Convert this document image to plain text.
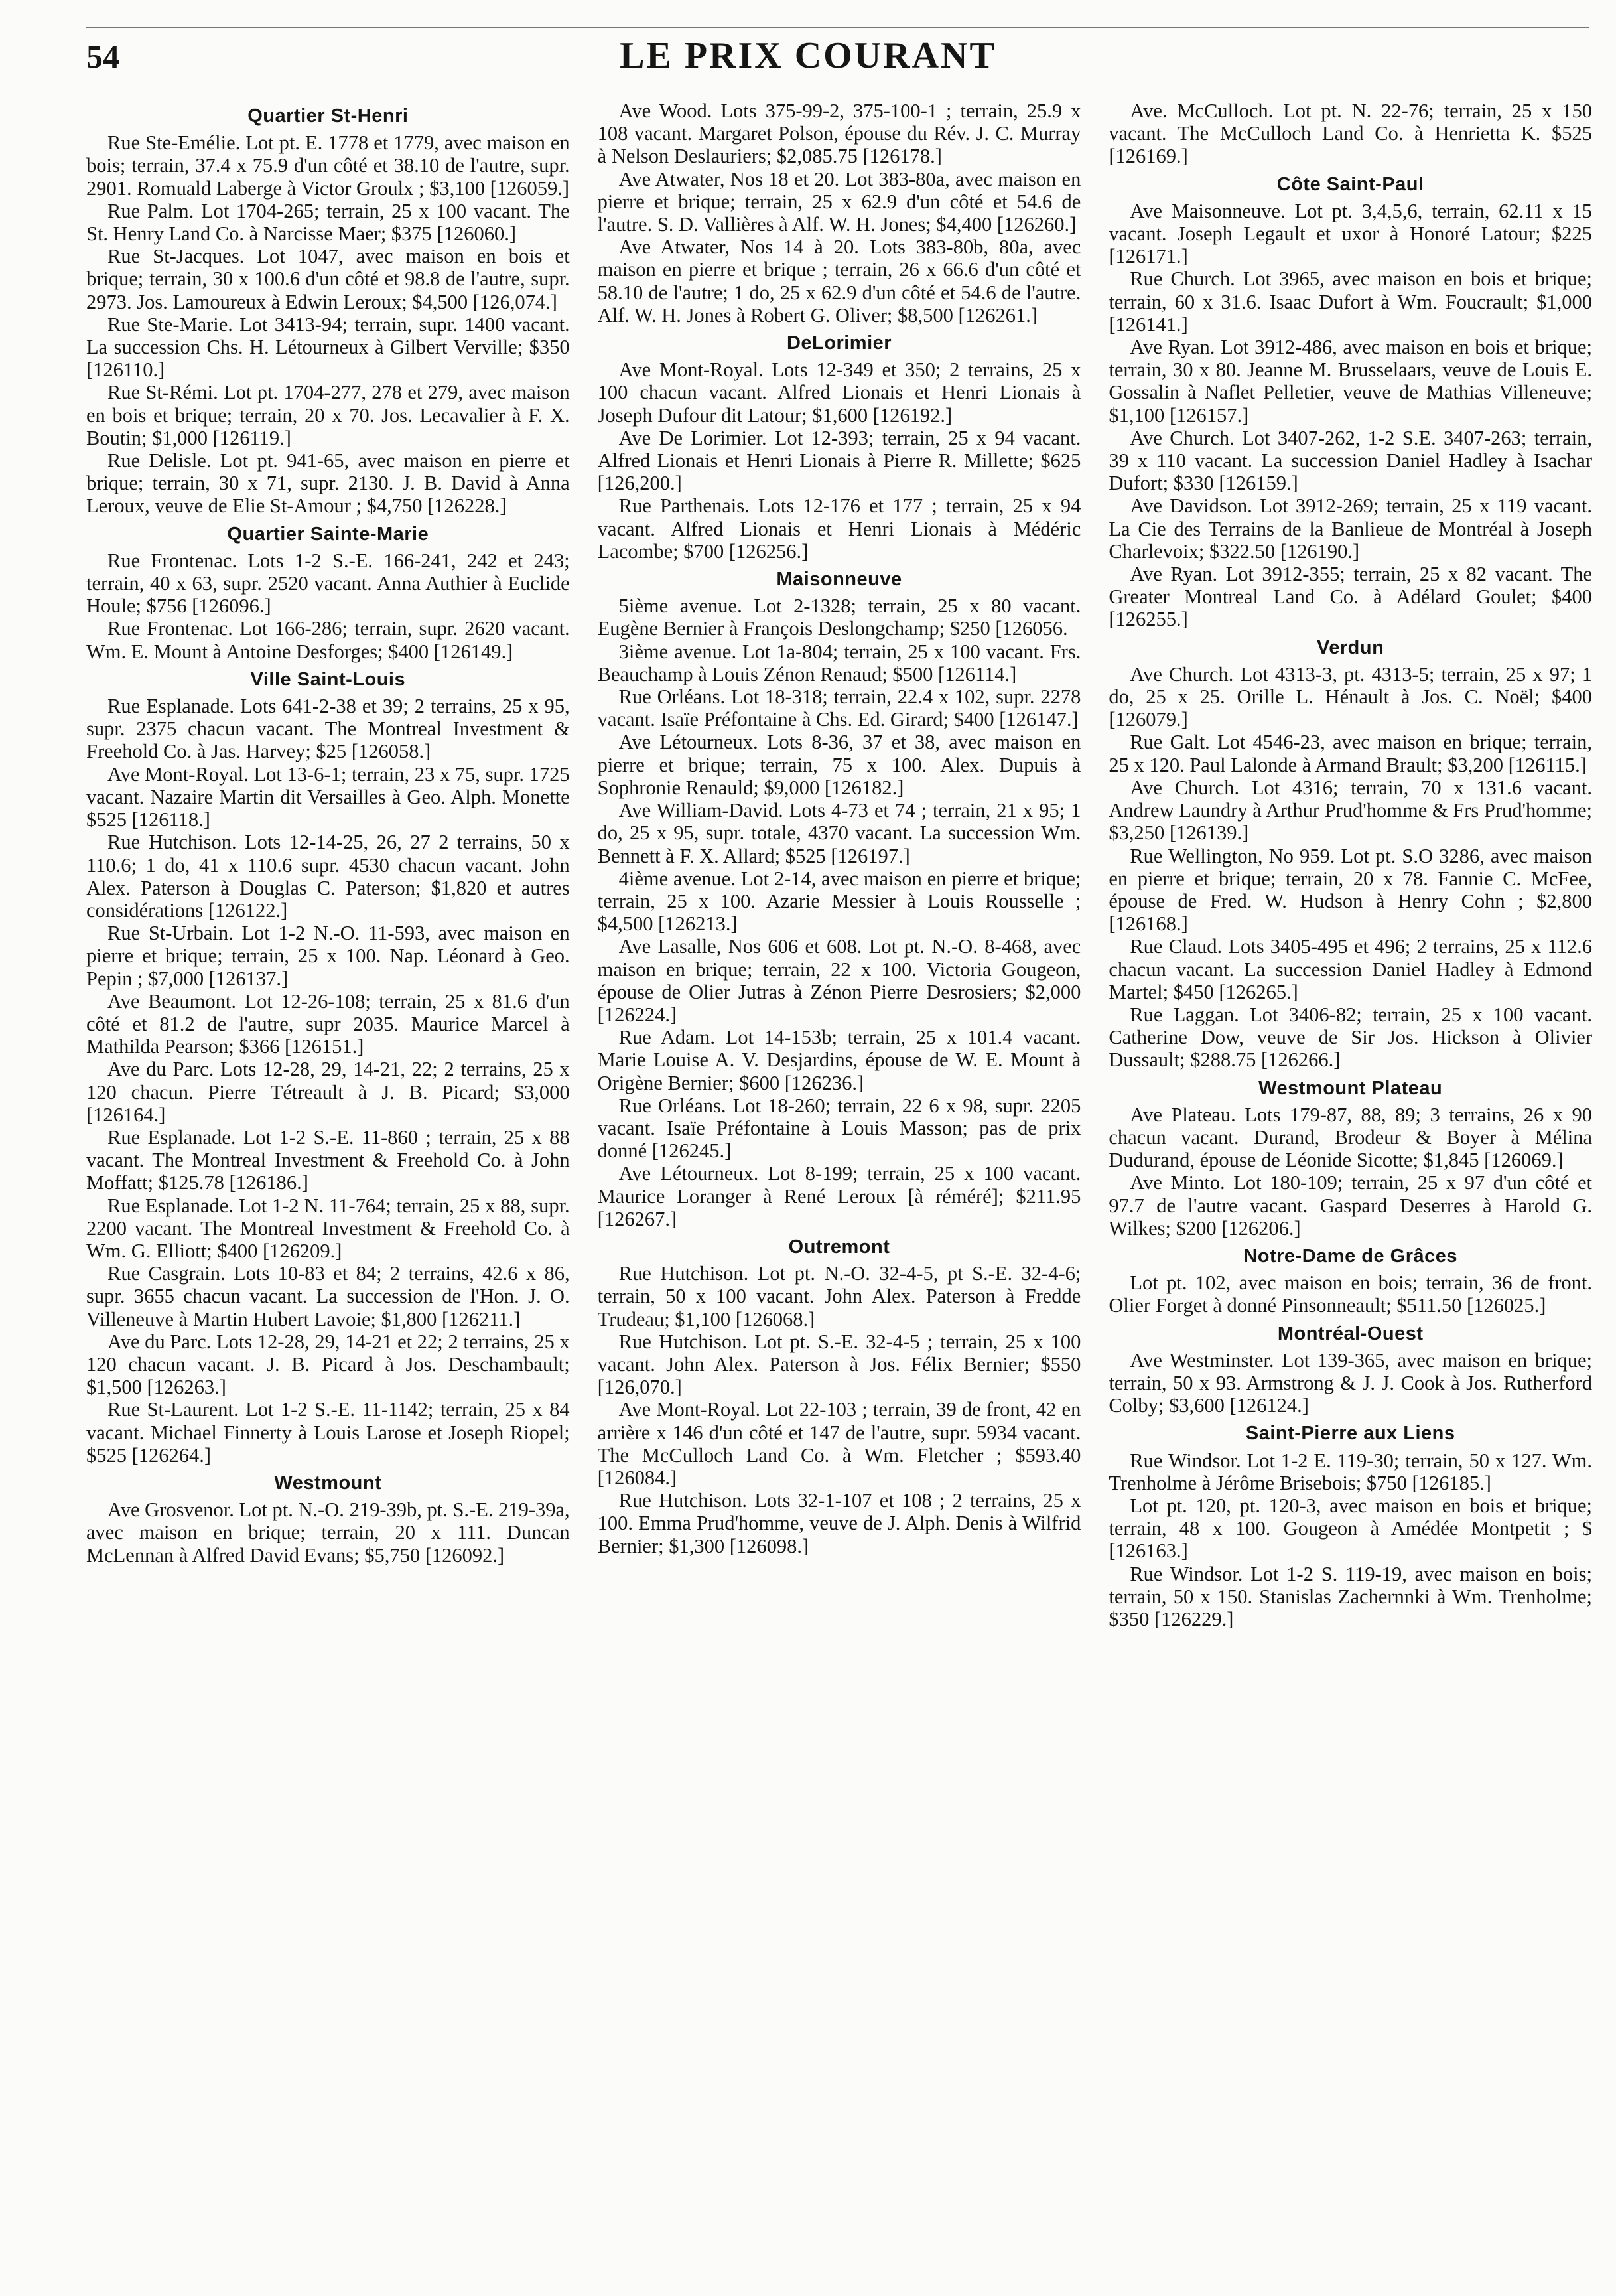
54	LE PRIX COURANT
Quartier St-Henri

Rue Ste-Emélie. Lot pt. E. 1778 et 1779, avec maison en bois; terrain, 37.4 x 75.9 d'un côté et 38.10 de l'autre, supr. 2901. Romuald Laberge à Victor Groulx ; $3,100 [126059.]

Rue Palm. Lot 1704-265; terrain, 25 x 100 vacant. The St. Henry Land Co. à Narcisse Maer; $375 [126060.]

Rue St-Jacques. Lot 1047, avec maison en bois et brique; terrain, 30 x 100.6 d'un côté et 98.8 de l'autre, supr. 2973. Jos. Lamoureux à Edwin Leroux; $4,500 [126,074.]

Rue Ste-Marie. Lot 3413-94; terrain, supr. 1400 vacant. La succession Chs. H. Létourneux à Gilbert Verville; $350 [126110.]

Rue St-Rémi. Lot pt. 1704-277, 278 et 279, avec maison en bois et brique; terrain, 20 x 70. Jos. Lecavalier à F. X. Boutin; $1,000 [126119.]

Rue Delisle. Lot pt. 941-65, avec maison en pierre et brique; terrain, 30 x 71, supr. 2130. J. B. David à Anna Leroux, veuve de Elie St-Amour ; $4,750 [126228.]

Quartier Sainte-Marie

Rue Frontenac. Lots 1-2 S.-E. 166-241, 242 et 243; terrain, 40 x 63, supr. 2520 vacant. Anna Authier à Euclide Houle; $756 [126096.]

Rue Frontenac. Lot 166-286; terrain, supr. 2620 vacant. Wm. E. Mount à Antoine Desforges; $400 [126149.]

Ville Saint-Louis

Rue Esplanade. Lots 641-2-38 et 39; 2 terrains, 25 x 95, supr. 2375 chacun vacant. The Montreal Investment & Freehold Co. à Jas. Harvey; $25 [126058.]

Ave Mont-Royal. Lot 13-6-1; terrain, 23 x 75, supr. 1725 vacant. Nazaire Martin dit Versailles à Geo. Alph. Monette $525 [126118.]

Rue Hutchison. Lots 12-14-25, 26, 27 2 terrains, 50 x 110.6; 1 do, 41 x 110.6 supr. 4530 chacun vacant. John Alex. Paterson à Douglas C. Paterson; $1,820 et autres considérations [126122.]

Rue St-Urbain. Lot 1-2 N.-O. 11-593, avec maison en pierre et brique; terrain, 25 x 100. Nap. Léonard à Geo. Pepin ; $7,000 [126137.]

Ave Beaumont. Lot 12-26-108; terrain, 25 x 81.6 d'un côté et 81.2 de l'autre, supr 2035. Maurice Marcel à Mathilda Pearson; $366 [126151.]

Ave du Parc. Lots 12-28, 29, 14-21, 22; 2 terrains, 25 x 120 chacun. Pierre Tétreault à J. B. Picard; $3,000 [126164.]

Rue Esplanade. Lot 1-2 S.-E. 11-860 ; terrain, 25 x 88 vacant. The Montreal Investment & Freehold Co. à John Moffatt; $125.78 [126186.]

Rue Esplanade. Lot 1-2 N. 11-764; terrain, 25 x 88, supr. 2200 vacant. The Montreal Investment & Freehold Co. à Wm. G. Elliott; $400 [126209.]

Rue Casgrain. Lots 10-83 et 84; 2 terrains, 42.6 x 86, supr. 3655 chacun vacant. La succession de l'Hon. J. O. Villeneuve à Martin Hubert Lavoie; $1,800 [126211.]

Ave du Parc. Lots 12-28, 29, 14-21 et 22; 2 terrains, 25 x 120 chacun vacant. J. B. Picard à Jos. Deschambault; $1,500 [126263.]

Rue St-Laurent. Lot 1-2 S.-E. 11-1142; terrain, 25 x 84 vacant. Michael Finnerty à Louis Larose et Joseph Riopel; $525 [126264.]

Westmount

Ave Grosvenor. Lot pt. N.-O. 219-39b, pt. S.-E. 219-39a, avec maison en brique; terrain, 20 x 111. Duncan McLennan à Alfred David Evans; $5,750 [126092.]

Ave Wood. Lots 375-99-2, 375-100-1 ; terrain, 25.9 x 108 vacant. Margaret Polson, épouse du Rév. J. C. Murray à Nelson Deslauriers; $2,085.75 [126178.]

Ave Atwater, Nos 18 et 20. Lot 383-80a, avec maison en pierre et brique; terrain, 25 x 62.9 d'un côté et 54.6 de l'autre. S. D. Vallières à Alf. W. H. Jones; $4,400 [126260.]

Ave Atwater, Nos 14 à 20. Lots 383-80b, 80a, avec maison en pierre et brique ; terrain, 26 x 66.6 d'un côté et 58.10 de l'autre; 1 do, 25 x 62.9 d'un côté et 54.6 de l'autre. Alf. W. H. Jones à Robert G. Oliver; $8,500 [126261.]

DeLorimier

Ave Mont-Royal. Lots 12-349 et 350; 2 terrains, 25 x 100 chacun vacant. Alfred Lionais et Henri Lionais à Joseph Dufour dit Latour; $1,600 [126192.]

Ave De Lorimier. Lot 12-393; terrain, 25 x 94 vacant. Alfred Lionais et Henri Lionais à Pierre R. Millette; $625 [126,200.]

Rue Parthenais. Lots 12-176 et 177 ; terrain, 25 x 94 vacant. Alfred Lionais et Henri Lionais à Médéric Lacombe; $700 [126256.]

Maisonneuve

5ième avenue. Lot 2-1328; terrain, 25 x 80 vacant. Eugène Bernier à François Deslongchamp; $250 [126056.

3ième avenue. Lot 1a-804; terrain, 25 x 100 vacant. Frs. Beauchamp à Louis Zénon Renaud; $500 [126114.]

Rue Orléans. Lot 18-318; terrain, 22.4 x 102, supr. 2278 vacant. Isaïe Préfontaine à Chs. Ed. Girard; $400 [126147.]

Ave Létourneux. Lots 8-36, 37 et 38, avec maison en pierre et brique; terrain, 75 x 100. Alex. Dupuis à Sophronie Renauld; $9,000 [126182.]

Ave William-David. Lots 4-73 et 74 ; terrain, 21 x 95; 1 do, 25 x 95, supr. totale, 4370 vacant. La succession Wm. Bennett à F. X. Allard; $525 [126197.]

4ième avenue. Lot 2-14, avec maison en pierre et brique; terrain, 25 x 100. Azarie Messier à Louis Rousselle ; $4,500 [126213.]

Ave Lasalle, Nos 606 et 608. Lot pt. N.-O. 8-468, avec maison en brique; terrain, 22 x 100. Victoria Gougeon, épouse de Olier Jutras à Zénon Pierre Desrosiers; $2,000 [126224.]

Rue Adam. Lot 14-153b; terrain, 25 x 101.4 vacant. Marie Louise A. V. Desjardins, épouse de W. E. Mount à Origène Bernier; $600 [126236.]

Rue Orléans. Lot 18-260; terrain, 22 6 x 98, supr. 2205 vacant. Isaïe Préfontaine à Louis Masson; pas de prix donné [126245.]

Ave Létourneux. Lot 8-199; terrain, 25 x 100 vacant. Maurice Loranger à René Leroux [à réméré]; $211.95 [126267.]

Outremont

Rue Hutchison. Lot pt. N.-O. 32-4-5, pt S.-E. 32-4-6; terrain, 50 x 100 vacant. John Alex. Paterson à Fredde Trudeau; $1,100 [126068.]

Rue Hutchison. Lot pt. S.-E. 32-4-5 ; terrain, 25 x 100 vacant. John Alex. Paterson à Jos. Félix Bernier; $550 [126,070.]

Ave Mont-Royal. Lot 22-103 ; terrain, 39 de front, 42 en arrière x 146 d'un côté et 147 de l'autre, supr. 5934 vacant. The McCulloch Land Co. à Wm. Fletcher ; $593.40 [126084.]

Rue Hutchison. Lots 32-1-107 et 108 ; 2 terrains, 25 x 100. Emma Prud'homme, veuve de J. Alph. Denis à Wilfrid Bernier; $1,300 [126098.]

Ave. McCulloch. Lot pt. N. 22-76; terrain, 25 x 150 vacant. The McCulloch Land Co. à Henrietta K. $525 [126169.]

Côte Saint-Paul

Ave Maisonneuve. Lot pt. 3,4,5,6, terrain, 62.11 x 15 vacant. Joseph Legault et uxor à Honoré Latour; $225 [126171.]

Rue Church. Lot 3965, avec maison en bois et brique; terrain, 60 x 31.6. Isaac Dufort à Wm. Foucrault; $1,000 [126141.]

Ave Ryan. Lot 3912-486, avec maison en bois et brique; terrain, 30 x 80. Jeanne M. Brusselaars, veuve de Louis E. Gossalin à Naflet Pelletier, veuve de Mathias Villeneuve; $1,100 [126157.]

Ave Church. Lot 3407-262, 1-2 S.E. 3407-263; terrain, 39 x 110 vacant. La succession Daniel Hadley à Isachar Dufort; $330 [126159.]

Ave Davidson. Lot 3912-269; terrain, 25 x 119 vacant. La Cie des Terrains de la Banlieue de Montréal à Joseph Charlevoix; $322.50 [126190.]

Ave Ryan. Lot 3912-355; terrain, 25 x 82 vacant. The Greater Montreal Land Co. à Adélard Goulet; $400 [126255.]

Verdun

Ave Church. Lot 4313-3, pt. 4313-5; terrain, 25 x 97; 1 do, 25 x 25. Orille L. Hénault à Jos. C. Noël; $400 [126079.]

Rue Galt. Lot 4546-23, avec maison en brique; terrain, 25 x 120. Paul Lalonde à Armand Brault; $3,200 [126115.]

Ave Church. Lot 4316; terrain, 70 x 131.6 vacant. Andrew Laundry à Arthur Prud'homme & Frs Prud'homme; $3,250 [126139.]

Rue Wellington, No 959. Lot pt. S.O 3286, avec maison en pierre et brique; terrain, 20 x 78. Fannie C. McFee, épouse de Fred. W. Hudson à Henry Cohn ; $2,800 [126168.]

Rue Claud. Lots 3405-495 et 496; 2 terrains, 25 x 112.6 chacun vacant. La succession Daniel Hadley à Edmond Martel; $450 [126265.]

Rue Laggan. Lot 3406-82; terrain, 25 x 100 vacant. Catherine Dow, veuve de Sir Jos. Hickson à Olivier Dussault; $288.75 [126266.]

Westmount Plateau

Ave Plateau. Lots 179-87, 88, 89; 3 terrains, 26 x 90 chacun vacant. Durand, Brodeur & Boyer à Mélina Dudurand, épouse de Léonide Sicotte; $1,845 [126069.]

Ave Minto. Lot 180-109; terrain, 25 x 97 d'un côté et 97.7 de l'autre vacant. Gaspard Deserres à Harold G. Wilkes; $200 [126206.]

Notre-Dame de Grâces

Lot pt. 102, avec maison en bois; terrain, 36 de front. Olier Forget à donné Pinsonneault; $511.50 [126025.]

Montréal-Ouest

Ave Westminster. Lot 139-365, avec maison en brique; terrain, 50 x 93. Armstrong & J. J. Cook à Jos. Rutherford Colby; $3,600 [126124.]

Saint-Pierre aux Liens

Rue Windsor. Lot 1-2 E. 119-30; terrain, 50 x 127. Wm. Trenholme à Jérôme Brisebois; $750 [126185.]

Lot pt. 120, pt. 120-3, avec maison en bois et brique; terrain, 48 x 100. Gougeon à Amédée Montpetit ; $ [126163.]

Rue Windsor. Lot 1-2 S. 119-19, avec maison en bois; terrain, 50 x 150. Stanislas Zachernnki à Wm. Trenholme; $350 [126229.]
